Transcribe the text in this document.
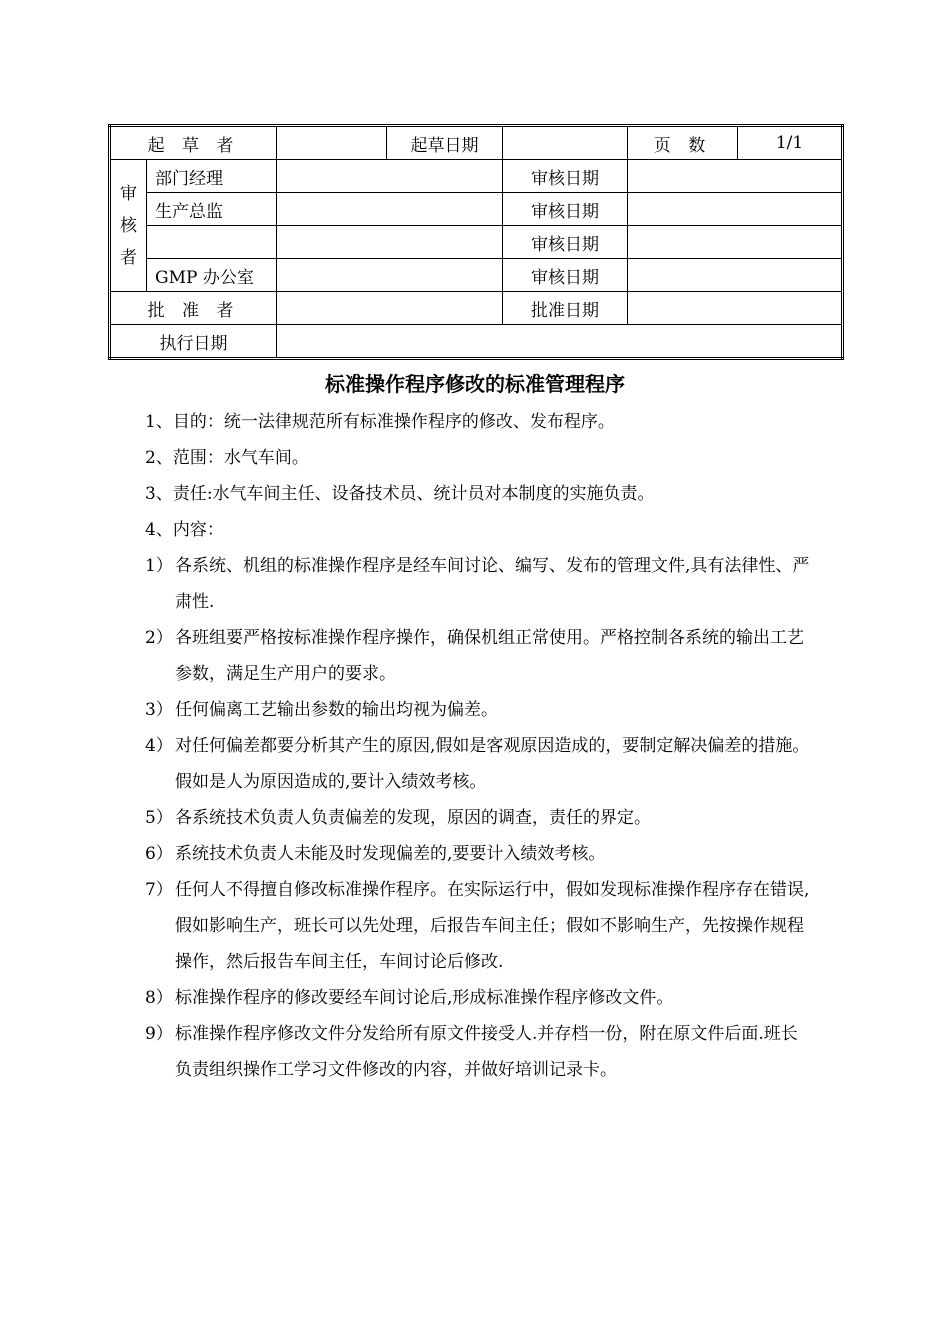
起 草 者			起草日期		页 数	1/1

审
核
者	部门经理			审核日期		
	生产总监			审核日期		
				审核日期		
	GMP 办公室			审核日期		
批 准 者				批准日期		
执行日期						
标准操作程序修改的标准管理程序

1、目的：统一法律规范所有标准操作程序的修改、发布程序。

2、范围：水气车间。

3、责任:水气车间主任、设备技术员、统计员对本制度的实施负责。

4、内容：

1） 各系统、机组的标准操作程序是经车间讨论、编写、发布的管理文件,具有法律性、严肃性.

2） 各班组要严格按标准操作程序操作，确保机组正常使用。严格控制各系统的输出工艺参数，满足生产用户的要求。

3） 任何偏离工艺输出参数的输出均视为偏差。

4） 对任何偏差都要分析其产生的原因,假如是客观原因造成的，要制定解决偏差的措施。假如是人为原因造成的,要计入绩效考核。

5） 各系统技术负责人负责偏差的发现，原因的调查，责任的界定。

6） 系统技术负责人未能及时发现偏差的,要要计入绩效考核。

7） 任何人不得擅自修改标准操作程序。在实际运行中，假如发现标准操作程序存在错误,假如影响生产，班长可以先处理，后报告车间主任；假如不影响生产，先按操作规程操作，然后报告车间主任，车间讨论后修改.

8） 标准操作程序的修改要经车间讨论后,形成标准操作程序修改文件。

9） 标准操作程序修改文件分发给所有原文件接受人.并存档一份，附在原文件后面.班长负责组织操作工学习文件修改的内容，并做好培训记录卡。
